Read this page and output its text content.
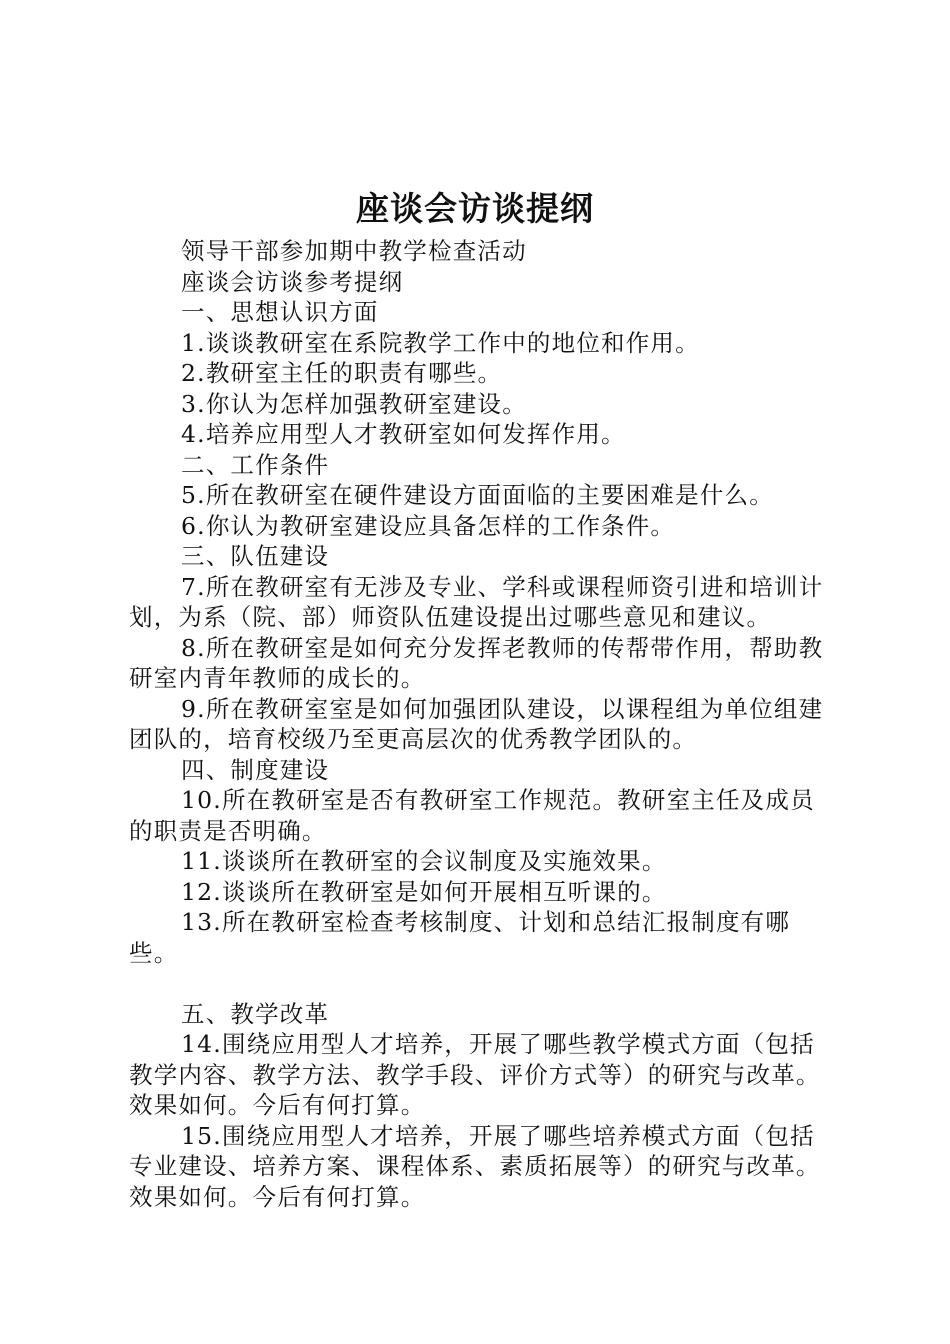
座谈会访谈提纲

领导干部参加期中教学检查活动

座谈会访谈参考提纲

一、思想认识方面

1.谈谈教研室在系院教学工作中的地位和作用。

2.教研室主任的职责有哪些。

3.你认为怎样加强教研室建设。

4.培养应用型人才教研室如何发挥作用。

二、工作条件

5.所在教研室在硬件建设方面面临的主要困难是什么。

6.你认为教研室建设应具备怎样的工作条件。

三、队伍建设

7.所在教研室有无涉及专业、学科或课程师资引进和培训计划，为系（院、部）师资队伍建设提出过哪些意见和建议。

8.所在教研室是如何充分发挥老教师的传帮带作用，帮助教研室内青年教师的成长的。

9.所在教研室室是如何加强团队建设，以课程组为单位组建团队的，培育校级乃至更高层次的优秀教学团队的。

四、制度建设

10.所在教研室是否有教研室工作规范。教研室主任及成员的职责是否明确。

11.谈谈所在教研室的会议制度及实施效果。

12.谈谈所在教研室是如何开展相互听课的。

13.所在教研室检查考核制度、计划和总结汇报制度有哪些。

五、教学改革

14.围绕应用型人才培养，开展了哪些教学模式方面（包括教学内容、教学方法、教学手段、评价方式等）的研究与改革。效果如何。今后有何打算。

15.围绕应用型人才培养，开展了哪些培养模式方面（包括专业建设、培养方案、课程体系、素质拓展等）的研究与改革。效果如何。今后有何打算。
